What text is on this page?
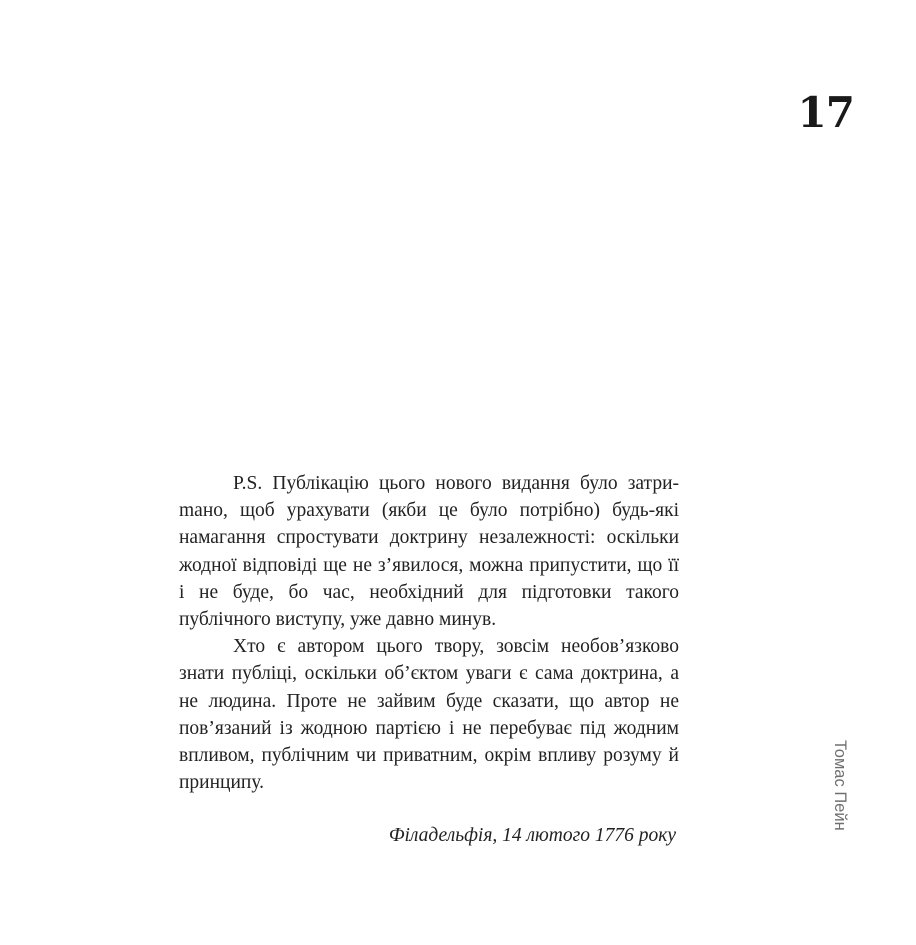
17

P.S. Публікацію цього нового видання було затриmано, щоб урахувати (якби це було потрібно) будь-які намагання спростувати доктрину незалежності: оскільки жодної відповіді ще не з’явилося, можна припустити, що її і не буде, бо час, необхідний для підготовки такого публічного виступу, уже давно минув.

Хто є автором цього твору, зовсім необов’язково знати публіці, оскільки об’єктом уваги є сама доктрина, а не людина. Проте не зайвим буде сказати, що автор не пов’язаний із жодною партією і не перебуває під жодним впливом, публічним чи приватним, окрім впливу розуму й принципу.

Філадельфія, 14 лютого 1776 року
Томас Пейн
